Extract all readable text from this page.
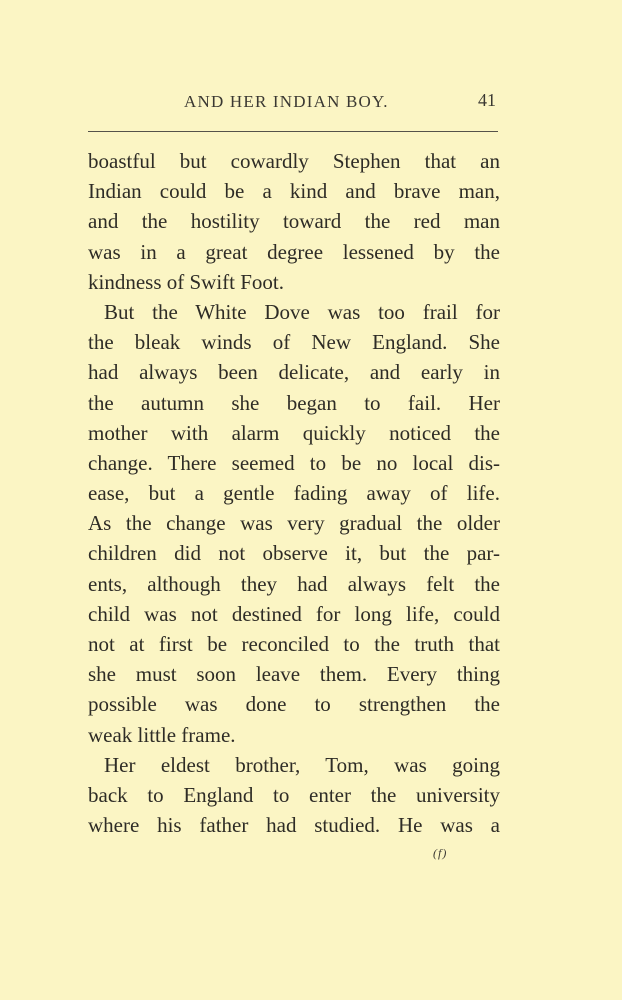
AND HER INDIAN BOY.	41
boastful but cowardly Stephen that an
Indian could be a kind and brave man,
and the hostility toward the red man
was in a great degree lessened by the
kindness of Swift Foot.
But the White Dove was too frail for
the bleak winds of New England. She
had always been delicate, and early in
the autumn she began to fail. Her
mother with alarm quickly noticed the
change. There seemed to be no local dis-
ease, but a gentle fading away of life.
As the change was very gradual the older
children did not observe it, but the par-
ents, although they had always felt the
child was not destined for long life, could
not at first be reconciled to the truth that
she must soon leave them. Every thing
possible was done to strengthen the
weak little frame.
Her eldest brother, Tom, was going
back to England to enter the university
where his father had studied. He was a
(f)
